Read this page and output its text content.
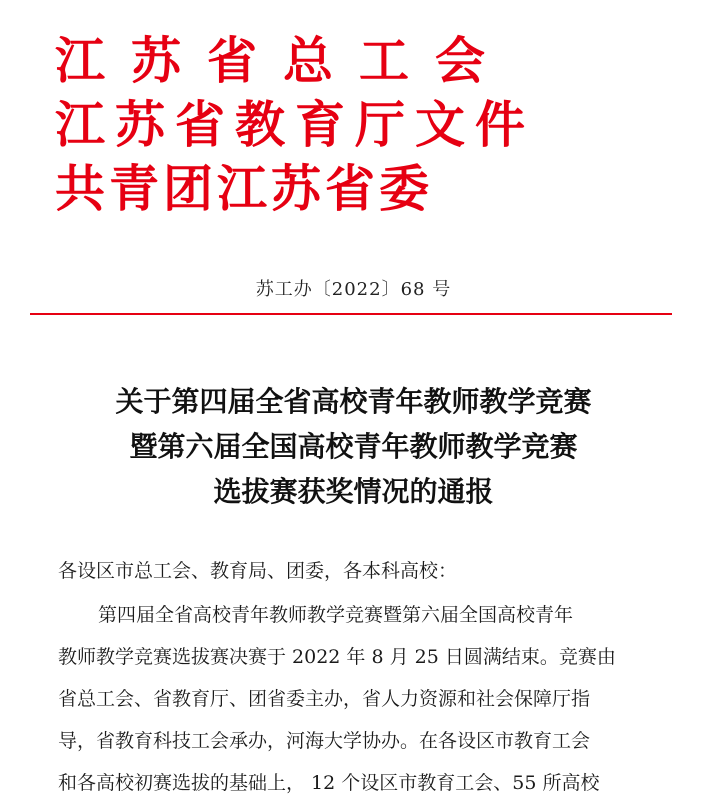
江苏省总工会
江苏省教育厅文件
共青团江苏省委
苏工办〔2022〕68 号
关于第四届全省高校青年教师教学竞赛
暨第六届全国高校青年教师教学竞赛
选拔赛获奖情况的通报
各设区市总工会、教育局、团委，各本科高校：
第四届全省高校青年教师教学竞赛暨第六届全国高校青年
教师教学竞赛选拔赛决赛于 2022 年 8 月 25 日圆满结束。竞赛由
省总工会、省教育厅、团省委主办，省人力资源和社会保障厅指
导，省教育科技工会承办，河海大学协办。在各设区市教育工会
和各高校初赛选拔的基础上， 12 个设区市教育工会、55 所高校
